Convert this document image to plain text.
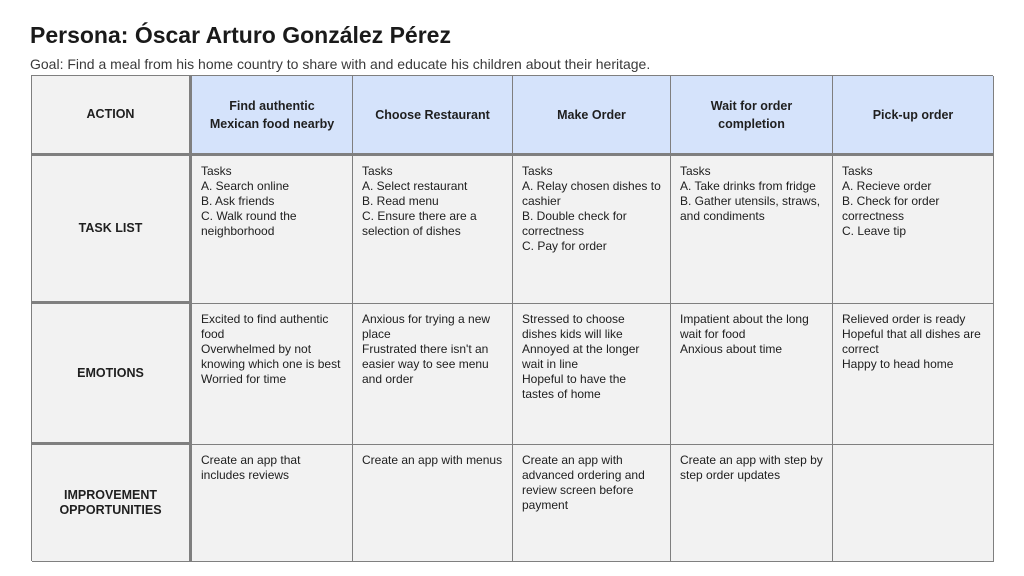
Persona: Óscar Arturo González Pérez
Goal: Find a meal from his home country to share with and educate his children about their heritage.
ACTION
Find authentic Mexican food nearby
Choose Restaurant	Make Order
Wait for order completion
Pick-up order
TASK LIST

Tasks

A. Search online
B. Ask friends
C. Walk round the neighborhood

Tasks

A. Select restaurant
B. Read menu
C. Ensure there are a selection of dishes

Tasks

A. Relay chosen dishes to cashier
B. Double check for correctness
C. Pay for order

Tasks

A. Take drinks from fridge
B. Gather utensils, straws, and condiments

Tasks

A. Recieve order
B. Check for order correctness
C. Leave tip

EMOTIONS

Excited to find authentic food

Overwhelmed by not knowing which one is best

Worried for time

Anxious for trying a new place

Frustrated there isn't an easier way to see menu and order

Stressed to choose dishes kids will like

Annoyed at the longer wait in line

Hopeful to have the tastes of home

Impatient about the long wait for food

Anxious about time

Relieved order is ready

Hopeful that all dishes are correct

Happy to head home

IMPROVEMENT OPPORTUNITIES
Create an app that includes reviews
Create an app with menus	Create an app with advanced ordering and review screen before payment
Create an app with step by step order updates
